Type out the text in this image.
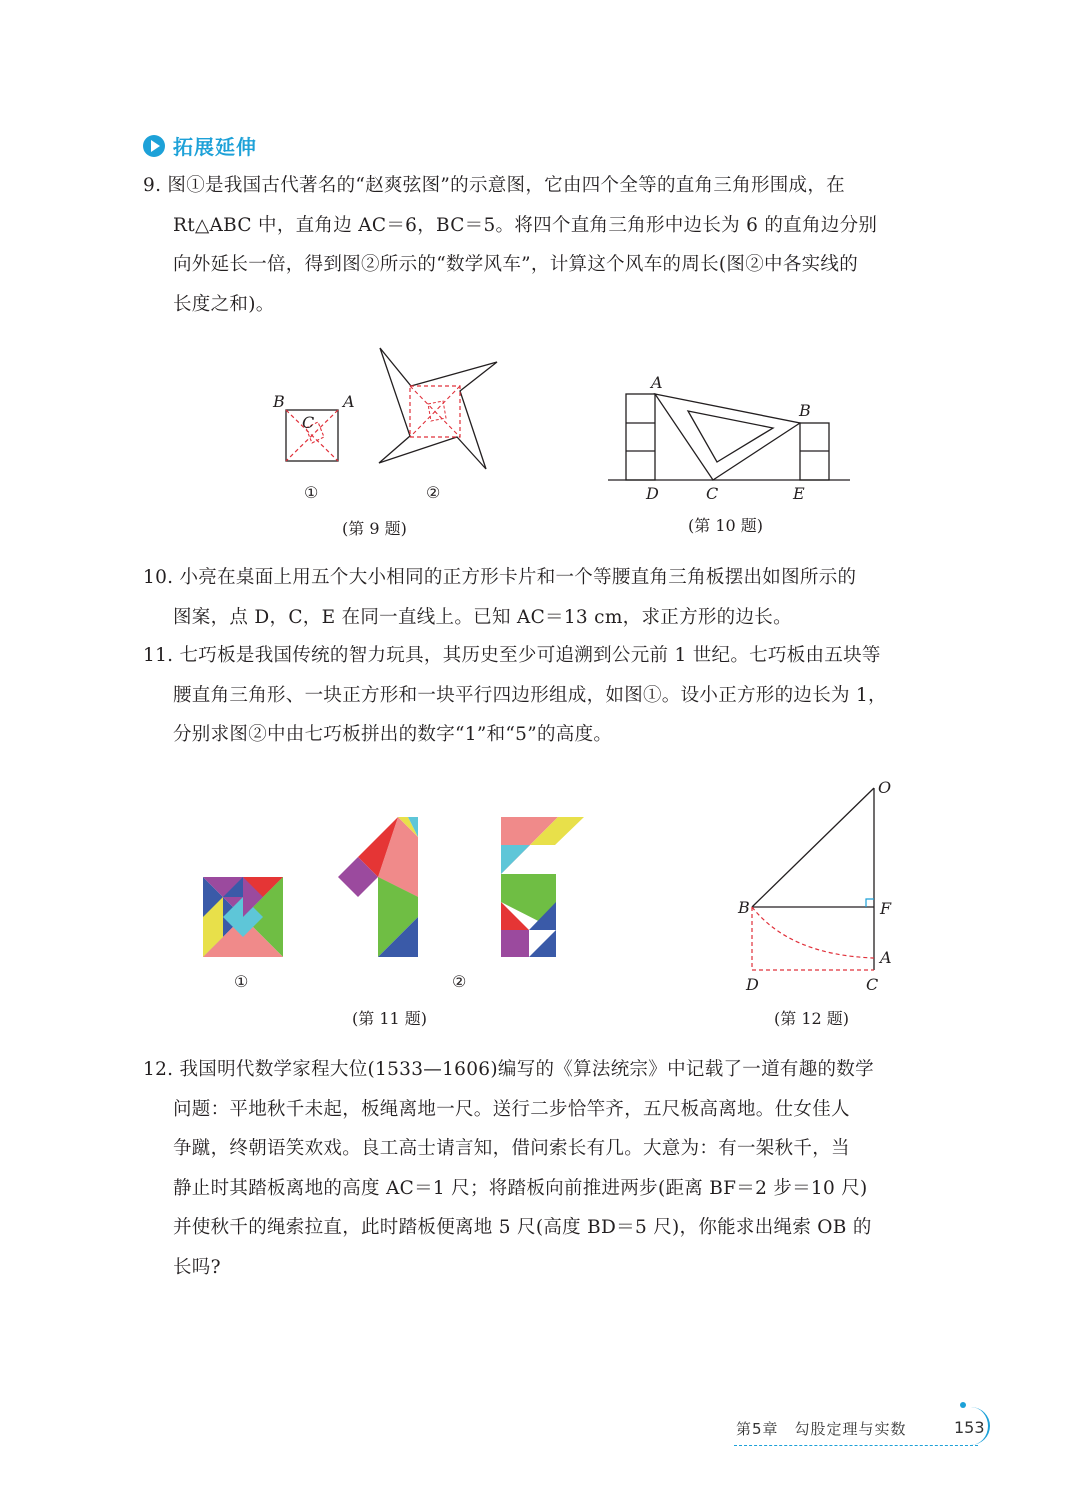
拓展延伸
9. 图①是我国古代著名的“赵爽弦图”的示意图，它由四个全等的直角三角形围成，在
Rt△ABC 中，直角边 AC＝6，BC＝5。将四个直角三角形中边长为 6 的直角边分别
向外延长一倍，得到图②所示的“数学风车”，计算这个风车的周长(图②中各实线的
长度之和)。
B	A
C
①	②
(第 9 题)
A
B
D	C	E
(第 10 题)
①	②
(第 11 题)
O
B	F
A
D	C
(第 12 题)
10. 小亮在桌面上用五个大小相同的正方形卡片和一个等腰直角三角板摆出如图所示的
图案，点 D，C，E 在同一直线上。已知 AC＝13 cm，求正方形的边长。
11. 七巧板是我国传统的智力玩具，其历史至少可追溯到公元前 1 世纪。七巧板由五块等
腰直角三角形、一块正方形和一块平行四边形组成，如图①。设小正方形的边长为 1，
分别求图②中由七巧板拼出的数字“1”和“5”的高度。
12. 我国明代数学家程大位(1533—1606)编写的《算法统宗》中记载了一道有趣的数学
问题：平地秋千未起，板绳离地一尺。送行二步恰竿齐，五尺板高离地。仕女佳人
争蹴，终朝语笑欢戏。良工高士请言知，借问索长有几。大意为：有一架秋千，当
静止时其踏板离地的高度 AC＝1 尺；将踏板向前推进两步(距离 BF＝2 步＝10 尺)
并使秋千的绳索拉直，此时踏板便离地 5 尺(高度 BD＝5 尺)，你能求出绳索 OB 的
长吗?
第5章　勾股定理与实数	153
